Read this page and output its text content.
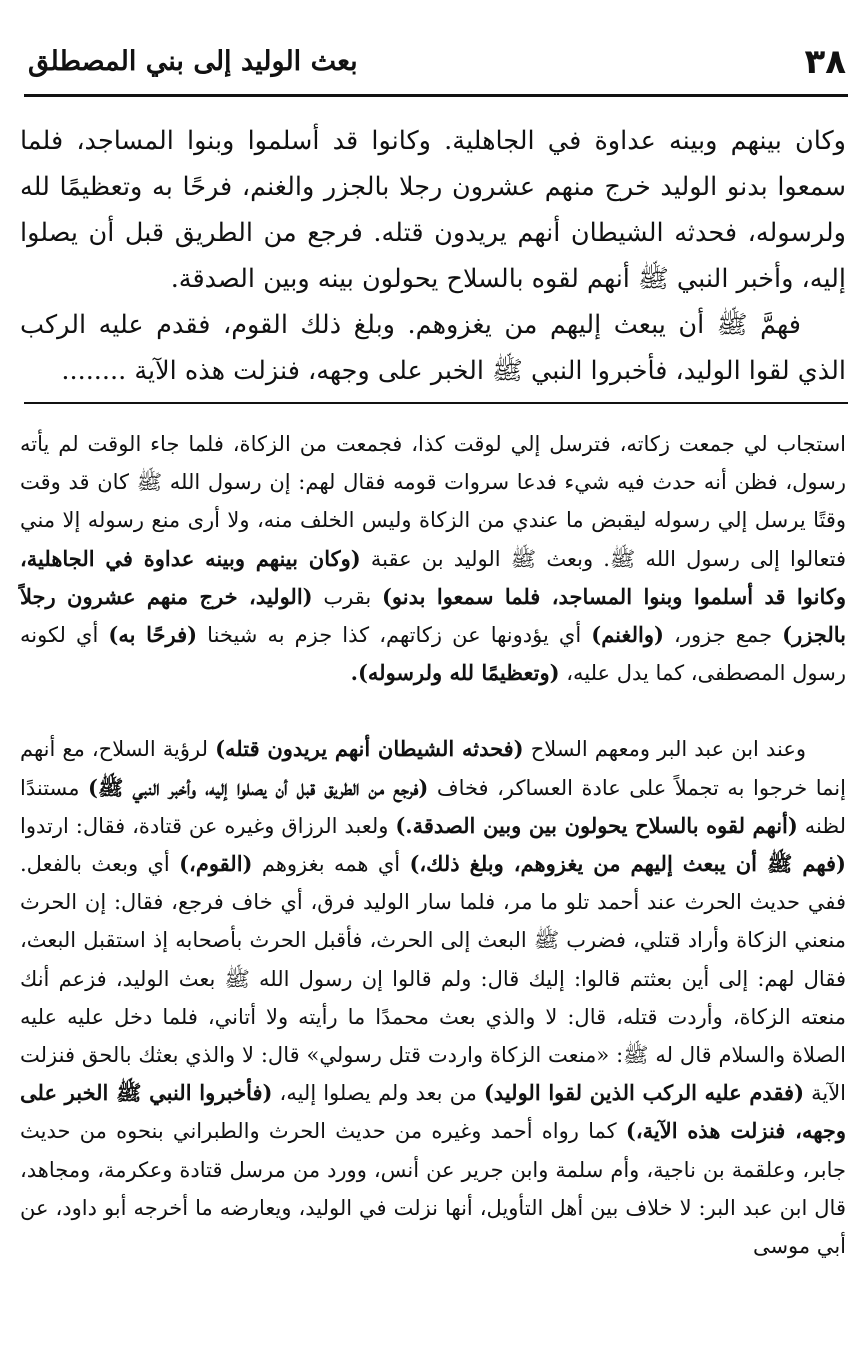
٣٨
بعث الوليد إلى بني المصطلق

وكان بينهم وبينه عداوة في الجاهلية. وكانوا قد أسلموا وبنوا المساجد، فلما سمعوا بدنو الوليد خرج منهم عشرون رجلا بالجزر والغنم، فرحًا به وتعظيمًا لله ولرسوله، فحدثه الشيطان أنهم يريدون قتله. فرجع من الطريق قبل أن يصلوا إليه، وأخبر النبي ﷺ أنهم لقوه بالسلاح يحولون بينه وبين الصدقة.

فهمَّ ﷺ أن يبعث إليهم من يغزوهم. وبلغ ذلك القوم، فقدم عليه الركب الذي لقوا الوليد، فأخبروا النبي ﷺ الخبر على وجهه، فنزلت هذه الآية ........

استجاب لي جمعت زكاته، فترسل إلي لوقت كذا، فجمعت من الزكاة، فلما جاء الوقت لم يأته رسول، فظن أنه حدث فيه شيء فدعا سروات قومه فقال لهم: إن رسول الله ﷺ كان قد وقت وقتًا يرسل إلي رسوله ليقبض ما عندي من الزكاة وليس الخلف منه، ولا أرى منع رسوله إلا مني فتعالوا إلى رسول الله ﷺ. وبعث ﷺ الوليد بن عقبة (وكان بينهم وبينه عداوة في الجاهلية، وكانوا قد أسلموا وبنوا المساجد، فلما سمعوا بدنو) بقرب (الوليد، خرج منهم عشرون رجلاً بالجزر) جمع جزور، (والغنم) أي يؤدونها عن زكاتهم، كذا جزم به شيخنا (فرحًا به) أي لكونه رسول المصطفى، كما يدل عليه، (وتعظيمًا لله ولرسوله).

وعند ابن عبد البر ومعهم السلاح (فحدثه الشيطان أنهم يريدون قتله) لرؤية السلاح، مع أنهم إنما خرجوا به تجملاً على عادة العساكر، فخاف (فرجع من الطريق قبل أن يصلوا إليه، وأخبر النبي ﷺ) مستندًا لظنه (أنهم لقوه بالسلاح يحولون بين وبين الصدقة.) ولعبد الرزاق وغيره عن قتادة، فقال: ارتدوا (فهم ﷺ أن يبعث إليهم من يغزوهم، وبلغ ذلك،) أي همه بغزوهم (القوم،) أي وبعث بالفعل. ففي حديث الحرث عند أحمد تلو ما مر، فلما سار الوليد فرق، أي خاف فرجع، فقال: إن الحرث منعني الزكاة وأراد قتلي، فضرب ﷺ البعث إلى الحرث، فأقبل الحرث بأصحابه إذ استقبل البعث، فقال لهم: إلى أين بعثتم قالوا: إليك قال: ولم قالوا إن رسول الله ﷺ بعث الوليد، فزعم أنك منعته الزكاة، وأردت قتله، قال: لا والذي بعث محمدًا ما رأيته ولا أتاني، فلما دخل عليه عليه الصلاة والسلام قال له ﷺ: «منعت الزكاة واردت قتل رسولي» قال: لا والذي بعثك بالحق فنزلت الآية (فقدم عليه الركب الذين لقوا الوليد) من بعد ولم يصلوا إليه، (فأخبروا النبي ﷺ الخبر على وجهه، فنزلت هذه الآية،) كما رواه أحمد وغيره من حديث الحرث والطبراني بنحوه من حديث جابر، وعلقمة بن ناجية، وأم سلمة وابن جرير عن أنس، وورد من مرسل قتادة وعكرمة، ومجاهد، قال ابن عبد البر: لا خلاف بين أهل التأويل، أنها نزلت في الوليد، ويعارضه ما أخرجه أبو داود، عن أبي موسى
